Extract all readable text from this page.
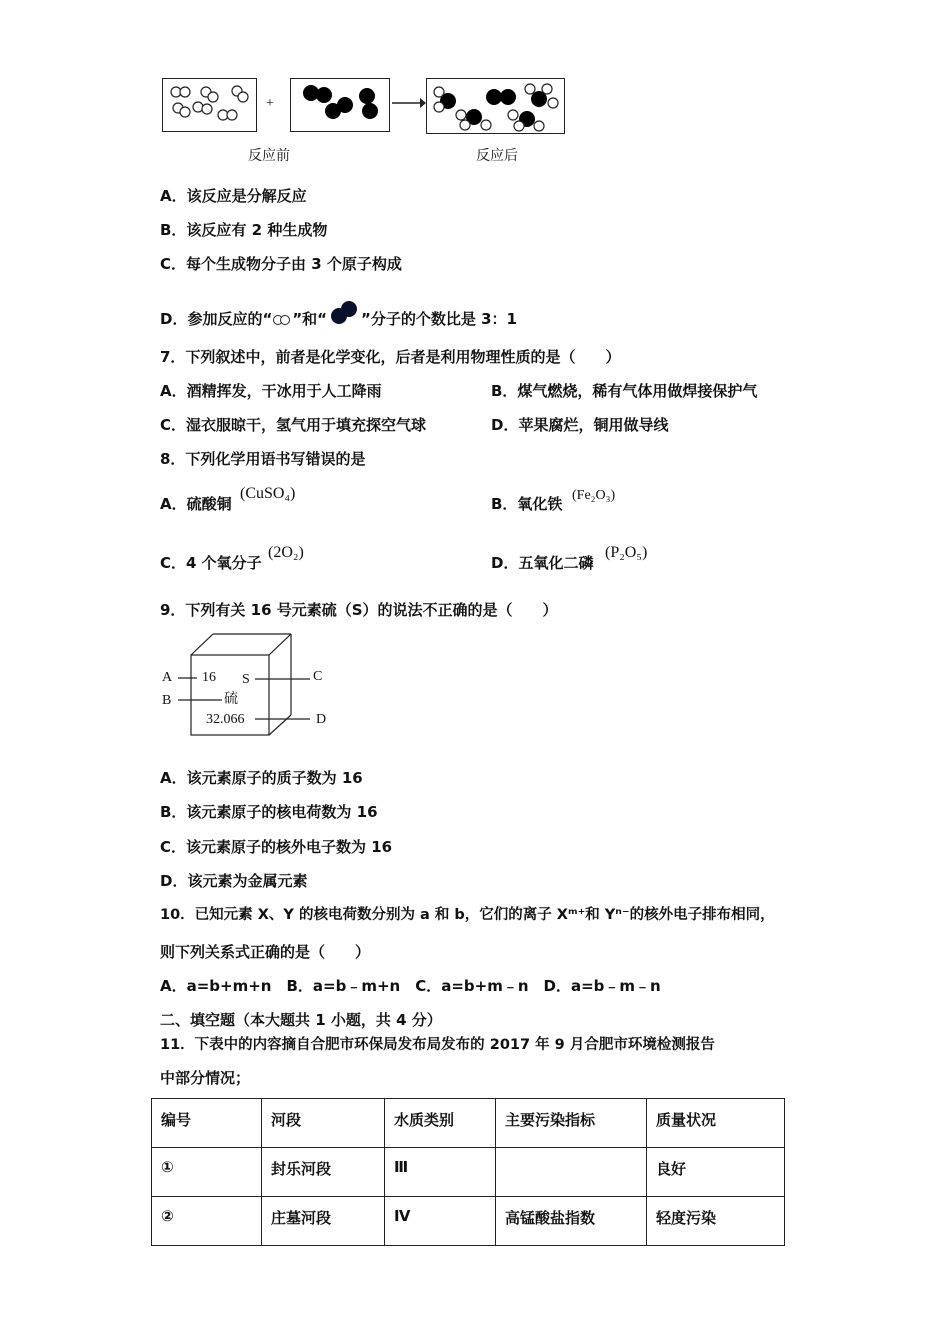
+
反应前	反应后
A．该反应是分解反应
B．该反应有 2 种生成物
C．每个生成物分子由 3 个原子构成
D．参加反应的“ ”和“ ”分子的个数比是 3：1
7．下列叙述中，前者是化学变化，后者是利用物理性质的是（　　）
A．酒精挥发，干冰用于人工降雨	B．煤气燃烧，稀有气体用做焊接保护气
C．湿衣服晾干，氢气用于填充探空气球	D．苹果腐烂，铜用做导线
8．下列化学用语书写错误的是
A．硫酸铜
(CuSO₄)
B．氧化铁 (Fe₂O₃)
C．4 个氧分子
(2O₂)
D．五氧化二磷
(P₂O₅)
9．下列有关 16 号元素硫（S）的说法不正确的是（　　）
A
B
C
D
16 S
硫
32.066
A．该元素原子的质子数为 16
B．该元素原子的核电荷数为 16
C．该元素原子的核外电子数为 16
D．该元素为金属元素
10．已知元素 X、Y 的核电荷数分别为 a 和 b，它们的离子 Xᵐ⁺和 Yⁿ⁻的核外电子排布相同，
则下列关系式正确的是（　　）
A．a=b+m+n　B．a=b﹣m+n　C．a=b+m﹣n　D．a=b﹣m﹣n
二、填空题（本大题共 1 小题，共 4 分）
11．下表中的内容摘自合肥市环保局发布局发布的 2017 年 9 月合肥市环境检测报告
中部分情况；
编号	河段	水质类别	主要污染指标	质量状况
①	封乐河段	Ⅲ		良好
②	庄墓河段	Ⅳ	高锰酸盐指数	轻度污染
